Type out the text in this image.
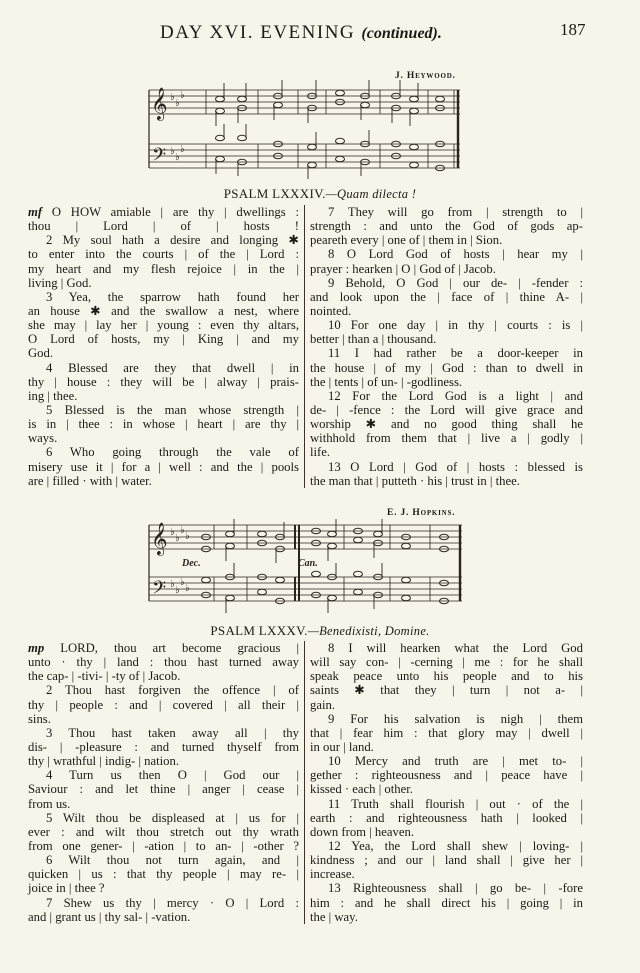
DAY XVI. EVENING (continued).	187
J. Heywood.
𝄞
𝄢
♭
♭
♭
♭
♭
♭
PSALM LXXXIV.—Quam dilecta !
mf O HOW amiable | are thy | dwellings :
thou | Lord | of | hosts !
2 My soul hath a desire and longing ✱
to enter into the courts | of the | Lord :
my heart and my flesh rejoice | in the |
living | God.
3 Yea, the sparrow hath found her
an house ✱ and the swallow a nest, where
she may | lay her | young : even thy altars,
O Lord of hosts, my | King | and my
God.
4 Blessed are they that dwell | in
thy | house : they will be | alway | prais-
ing | thee.
5 Blessed is the man whose strength |
is in | thee : in whose | heart | are thy |
ways.
6 Who going through the vale of
misery use it | for a | well : and the | pools
are | filled · with | water.
7 They will go from | strength to |
strength : and unto the God of gods ap-
peareth every | one of | them in | Sion.
8 O Lord God of hosts | hear my |
prayer : hearken | O | God of | Jacob.
9 Behold, O God | our de- | -fender :
and look upon the | face of | thine A- |
nointed.
10 For one day | in thy | courts : is |
better | than a | thousand.
11 I had rather be a door-keeper in
the house | of my | God : than to dwell in
the | tents | of un- | -godliness.
12 For the Lord God is a light | and
de- | -fence : the Lord will give grace and
worship ✱ and no good thing shall he
withhold from them that | live a | godly |
life.
13 O Lord | God of | hosts : blessed is
the man that | putteth · his | trust in | thee.
E. J. Hopkins.
𝄞
𝄢
♭
♭
♭
♭
♭
♭
♭
♭
Dec.	Can.
PSALM LXXXV.—Benedixisti, Domine.
mp LORD, thou art become gracious |
unto · thy | land : thou hast turned away
the cap- | -tivi- | -ty of | Jacob.
2 Thou hast forgiven the offence | of
thy | people : and | covered | all their |
sins.
3 Thou hast taken away all | thy
dis- | -pleasure : and turned thyself from
thy | wrathful | indig- | nation.
4 Turn us then O | God our |
Saviour : and let thine | anger | cease |
from us.
5 Wilt thou be displeased at | us for |
ever : and wilt thou stretch out thy wrath
from one gener- | -ation | to an- | -other ?
6 Wilt thou not turn again, and |
quicken | us : that thy people | may re- |
joice in | thee ?
7 Shew us thy | mercy · O | Lord :
and | grant us | thy sal- | -vation.
8 I will hearken what the Lord God
will say con- | -cerning | me : for he shall
speak peace unto his people and to his
saints ✱ that they | turn | not a- |
gain.
9 For his salvation is nigh | them
that | fear him : that glory may | dwell |
in our | land.
10 Mercy and truth are | met to- |
gether : righteousness and | peace have |
kissed · each | other.
11 Truth shall flourish | out · of the |
earth : and righteousness hath | looked |
down from | heaven.
12 Yea, the Lord shall shew | loving- |
kindness ; and our | land shall | give her |
increase.
13 Righteousness shall | go be- | -fore
him : and he shall direct his | going | in
the | way.
